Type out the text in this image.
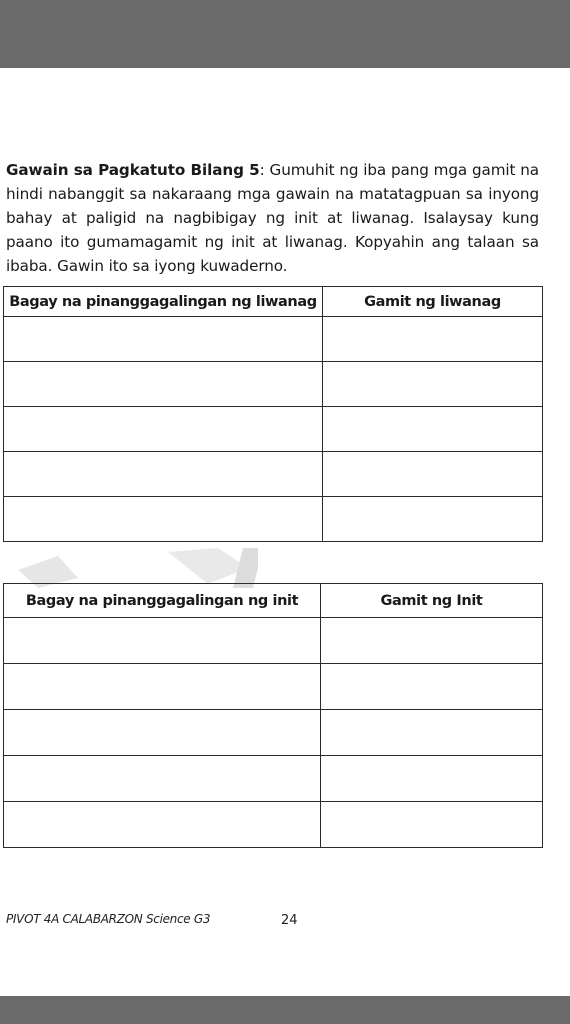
Gawain sa Pagkatuto Bilang 5: Gumuhit ng iba pang mga gamit na hindi nabanggit sa nakaraang mga gawain na matatagpuan sa inyong bahay at paligid na nagbibigay ng init at liwanag. Isalaysay kung paano ito gumamagamit ng init at liwanag. Kopyahin ang talaan sa ibaba. Gawin ito sa iyong kuwaderno.
Bagay na pinanggagalingan ng liwanag	Gamit ng liwanag

Bagay na pinanggagalingan ng init	Gamit ng Init

PIVOT 4A CALABARZON Science G3	24
